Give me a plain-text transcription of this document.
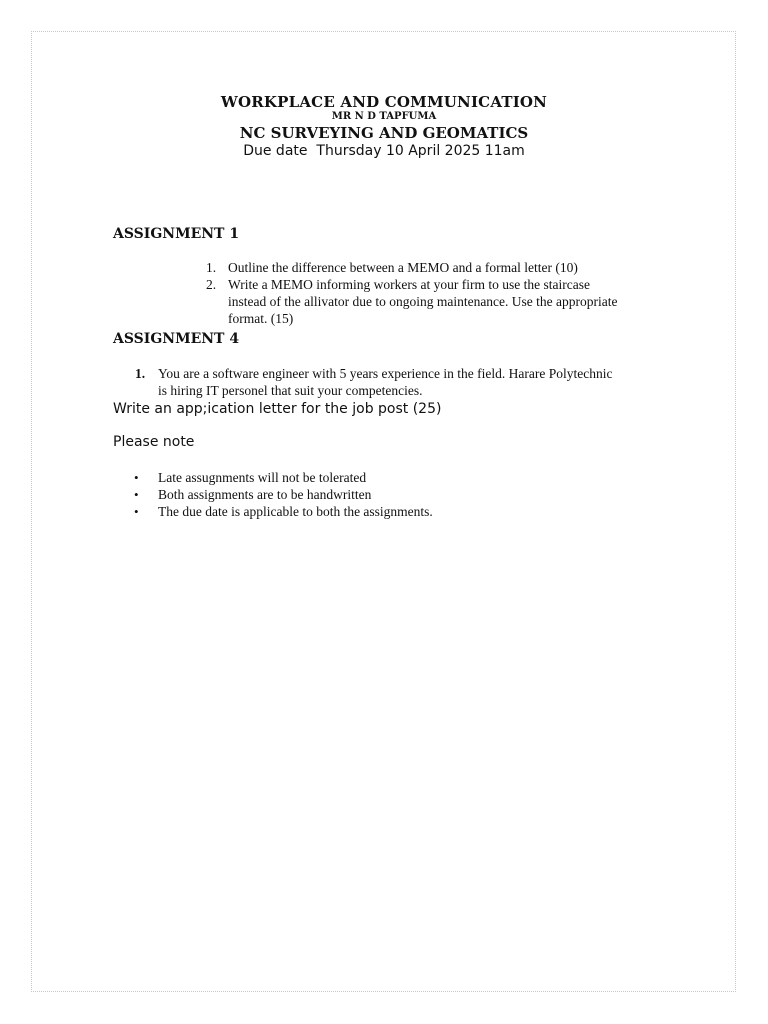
WORKPLACE AND COMMUNICATION
MR N D TAPFUMA
NC SURVEYING AND GEOMATICS
Due date  Thursday 10 April 2025 11am
ASSIGNMENT 1
1. Outline the difference between a MEMO and a formal letter (10)
2. Write a MEMO informing workers at your firm to use the staircase
instead of the allivator due to ongoing maintenance. Use the appropriate
format. (15)
ASSIGNMENT 4
1. You are a software engineer with 5 years experience in the field. Harare Polytechnic
is hiring IT personel that suit your competencies.
Write an app;ication letter for the job post (25)
Please note
• Late assugnments will not be tolerated
• Both assignments are to be handwritten
• The due date is applicable to both the assignments.
